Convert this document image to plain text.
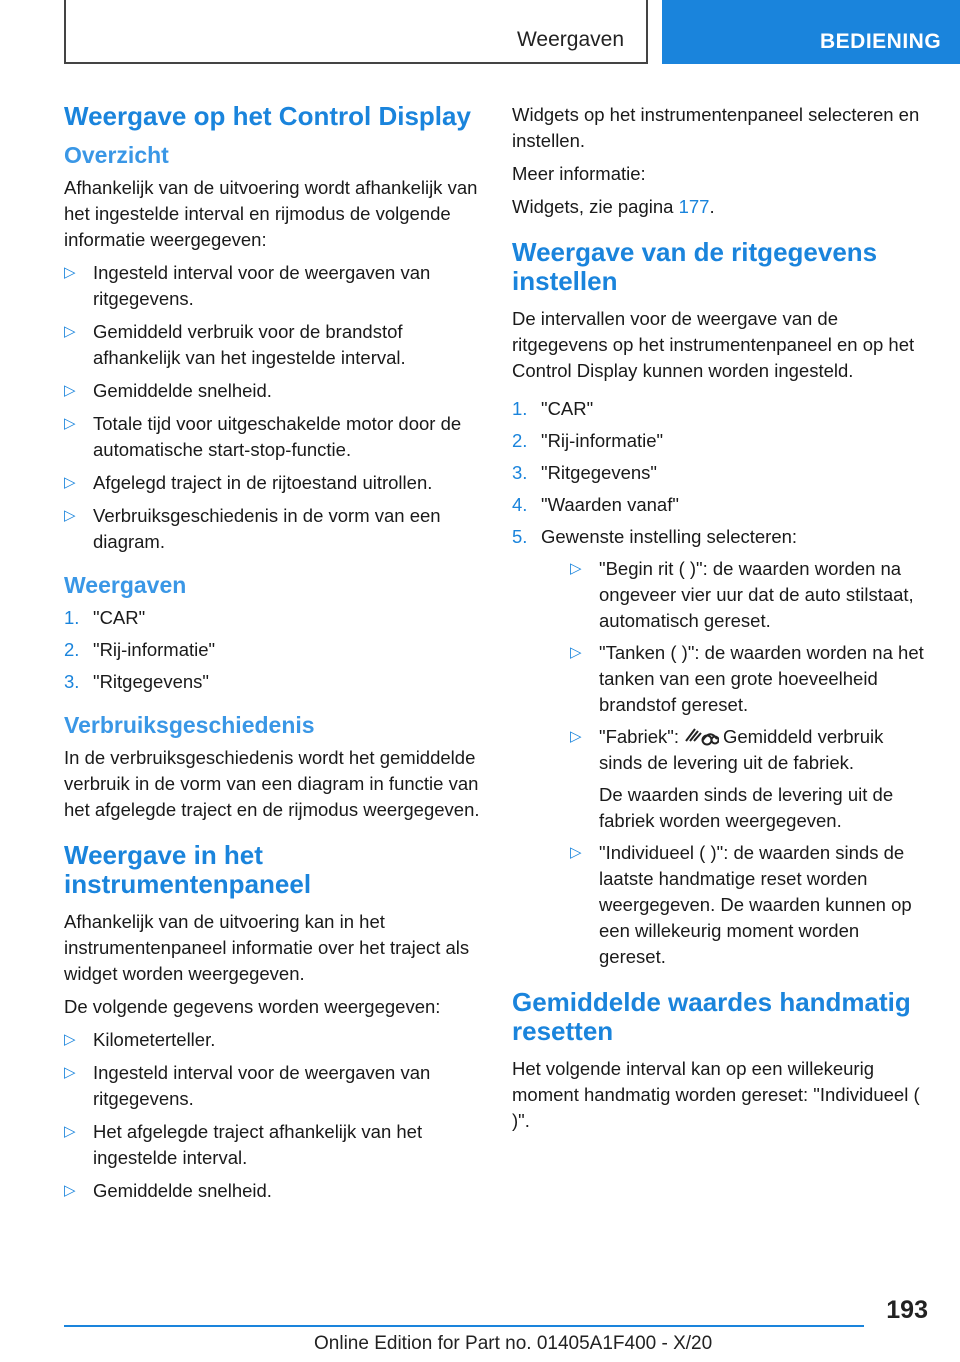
Weergaven	BEDIENING
Weergave op het Control Display
Overzicht

Afhankelijk van de uitvoering wordt afhankelijk van het ingestelde interval en rijmodus de volgende informatie weergegeven:

▷ Ingesteld interval voor de weergaven van ritgegevens.
▷ Gemiddeld verbruik voor de brandstof afhankelijk van het ingestelde interval.
▷ Gemiddelde snelheid.
▷ Totale tijd voor uitgeschakelde motor door de automatische start-stop-functie.
▷ Afgelegd traject in de rijtoestand uitrollen.
▷ Verbruiksgeschiedenis in de vorm van een diagram.
Weergaven
1. "CAR"
2. "Rij-informatie"
3. "Ritgegevens"
Verbruiksgeschiedenis

In de verbruiksgeschiedenis wordt het gemiddelde verbruik in de vorm van een diagram in functie van het afgelegde traject en de rijmodus weergegeven.

Weergave in het instrumentenpaneel

Afhankelijk van de uitvoering kan in het instrumentenpaneel informatie over het traject als widget worden weergegeven.

De volgende gegevens worden weergegeven:

▷ Kilometerteller.
▷ Ingesteld interval voor de weergaven van ritgegevens.
▷ Het afgelegde traject afhankelijk van het ingestelde interval.
▷ Gemiddelde snelheid.

Widgets op het instrumentenpaneel selecteren en instellen.

Meer informatie:

Widgets, zie pagina 177.

Weergave van de ritgegevens instellen

De intervallen voor de weergave van de ritgegevens op het instrumentenpaneel en op het Control Display kunnen worden ingesteld.

1. "CAR"
2. "Rij-informatie"
3. "Ritgegevens"
4. "Waarden vanaf"
5. Gewenste instelling selecteren:
▷ "Begin rit ( )": de waarden worden na ongeveer vier uur dat de auto stilstaat, automatisch gereset.
▷ "Tanken ( )": de waarden worden na het tanken van een grote hoeveelheid brandstof gereset.
▷ "Fabriek": Gemiddeld verbruik sinds de levering uit de fabriek.
De waarden sinds de levering uit de fabriek worden weergegeven.
▷ "Individueel ( )": de waarden sinds de laatste handmatige reset worden weergegeven. De waarden kunnen op een willekeurig moment worden gereset.
Gemiddelde waardes handmatig resetten

Het volgende interval kan op een willekeurig moment handmatig worden gereset: "Individueel ( )".

193
Online Edition for Part no. 01405A1F400 - X/20
